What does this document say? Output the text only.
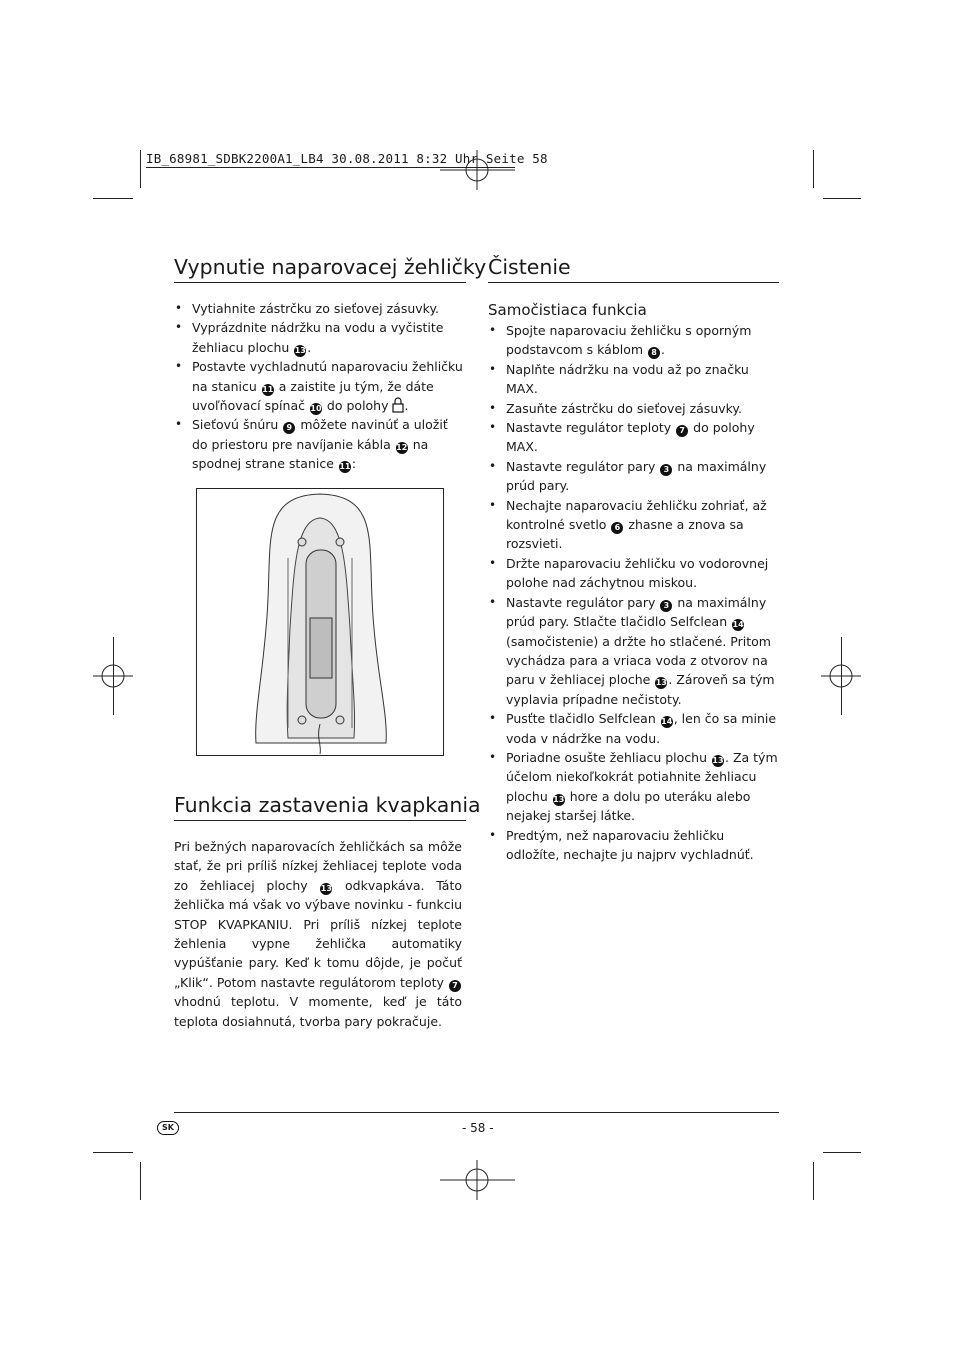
IB_68981_SDBK2200A1_LB4 30.08.2011 8:32 Uhr Seite 58
Vypnutie naparovacej žehličky
• Vytiahnite zástrčku zo sieťovej zásuvky.
• Vyprázdnite nádržku na vodu a vyčistite žehliacu plochu 13.
• Postavte vychladnutú naparovaciu žehličku na stanicu 11 a zaistite ju tým, že dáte uvoľňovací spínač 10 do polohy .
• Sieťovú šnúru 9 môžete navinúť a uložiť do priestoru pre navíjanie kábla 12 na spodnej strane stanice 11:
Funkcia zastavenia kvapkania
Pri bežných naparovacích žehličkách sa môže stať, že pri príliš nízkej žehliacej teplote voda zo žehliacej plochy 13 odkvapkáva. Táto žehlička má však vo výbave novinku - funkciu STOP KVAPKANIU. Pri príliš nízkej teplote žehlenia vypne žehlička automatiky vypúšťanie pary. Keď k tomu dôjde, je počuť „Klik“. Potom nastavte regulátorom teploty 7 vhodnú teplotu. V momente, keď je táto teplota dosiahnutá, tvorba pary pokračuje.
Čistenie
Samočistiaca funkcia
• Spojte naparovaciu žehličku s oporným podstavcom s káblom 8 .
• Naplňte nádržku na vodu až po značku MAX.
• Zasuňte zástrčku do sieťovej zásuvky.
• Nastavte regulátor teploty 7 do polohy MAX.
• Nastavte regulátor pary 3 na maximálny prúd pary.
• Nechajte naparovaciu žehličku zohriať, až kontrolné svetlo 6 zhasne a znova sa rozsvieti.
• Držte naparovaciu žehličku vo vodorovnej polohe nad záchytnou miskou.
• Nastavte regulátor pary 3 na maximálny prúd pary. Stlačte tlačidlo Selfclean 14 (samočistenie) a držte ho stlačené. Pritom vychádza para a vriaca voda z otvorov na paru v žehliacej ploche 13. Zároveň sa tým vyplavia prípadne nečistoty.
• Pusťte tlačidlo Selfclean 14, len čo sa minie voda v nádržke na vodu.
• Poriadne osušte žehliacu plochu 13. Za tým účelom niekoľkokrát potiahnite žehliacu plochu 13 hore a dolu po uteráku alebo nejakej staršej látke.
• Predtým, než naparovaciu žehličku odložíte, nechajte ju najprv vychladnúť.
SK	- 58 -
